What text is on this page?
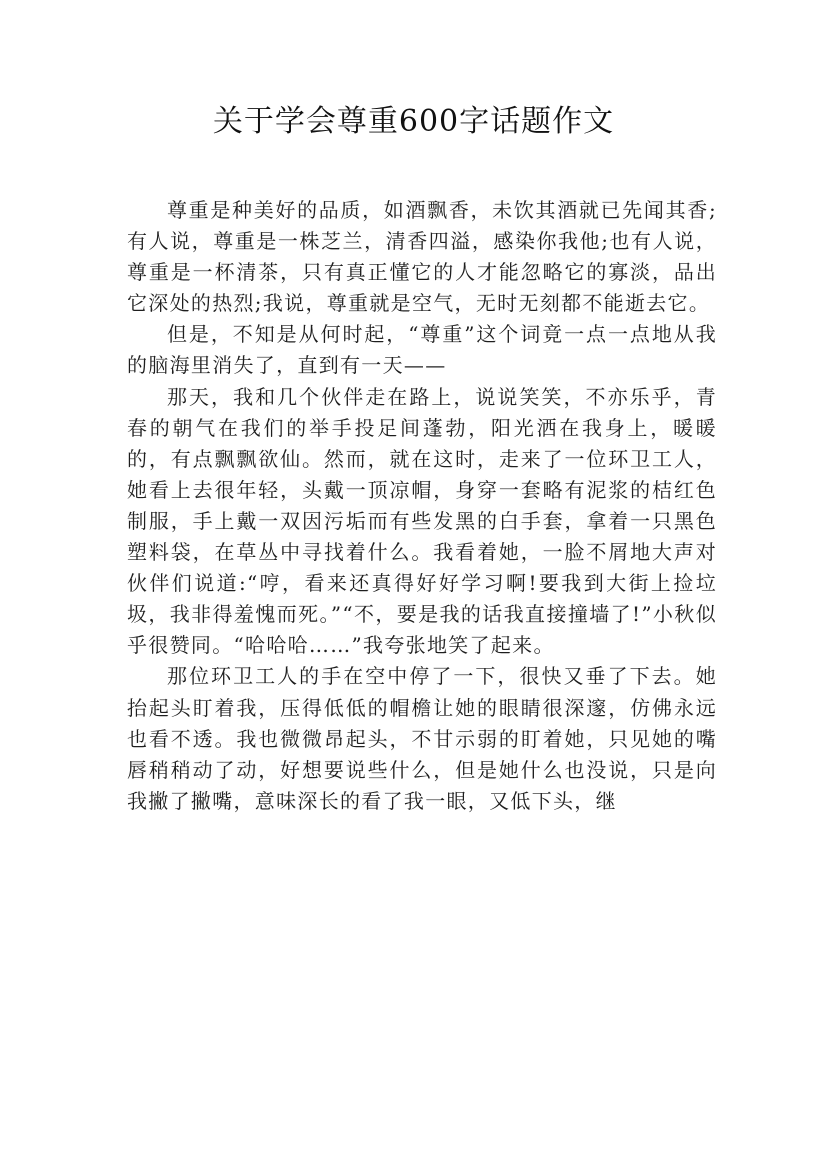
关于学会尊重600字话题作文

尊重是种美好的品质，如酒飘香，未饮其酒就已先闻其香;有人说，尊重是一株芝兰，清香四溢，感染你我他;也有人说，尊重是一杯清茶，只有真正懂它的人才能忽略它的寡淡，品出它深处的热烈;我说，尊重就是空气，无时无刻都不能逝去它。

但是，不知是从何时起，“尊重”这个词竟一点一点地从我的脑海里消失了，直到有一天——

那天，我和几个伙伴走在路上，说说笑笑，不亦乐乎，青春的朝气在我们的举手投足间蓬勃，阳光洒在我身上，暖暖的，有点飘飘欲仙。然而，就在这时，走来了一位环卫工人，她看上去很年轻，头戴一顶凉帽，身穿一套略有泥浆的桔红色制服，手上戴一双因污垢而有些发黑的白手套，拿着一只黑色塑料袋，在草丛中寻找着什么。我看着她，一脸不屑地大声对伙伴们说道:“哼，看来还真得好好学习啊!要我到大街上捡垃圾，我非得羞愧而死。”“不，要是我的话我直接撞墙了!”小秋似乎很赞同。“哈哈哈……”我夸张地笑了起来。

那位环卫工人的手在空中停了一下，很快又垂了下去。她抬起头盯着我，压得低低的帽檐让她的眼睛很深邃，仿佛永远也看不透。我也微微昂起头，不甘示弱的盯着她，只见她的嘴唇稍稍动了动，好想要说些什么，但是她什么也没说，只是向我撇了撇嘴，意味深长的看了我一眼，又低下头，继
